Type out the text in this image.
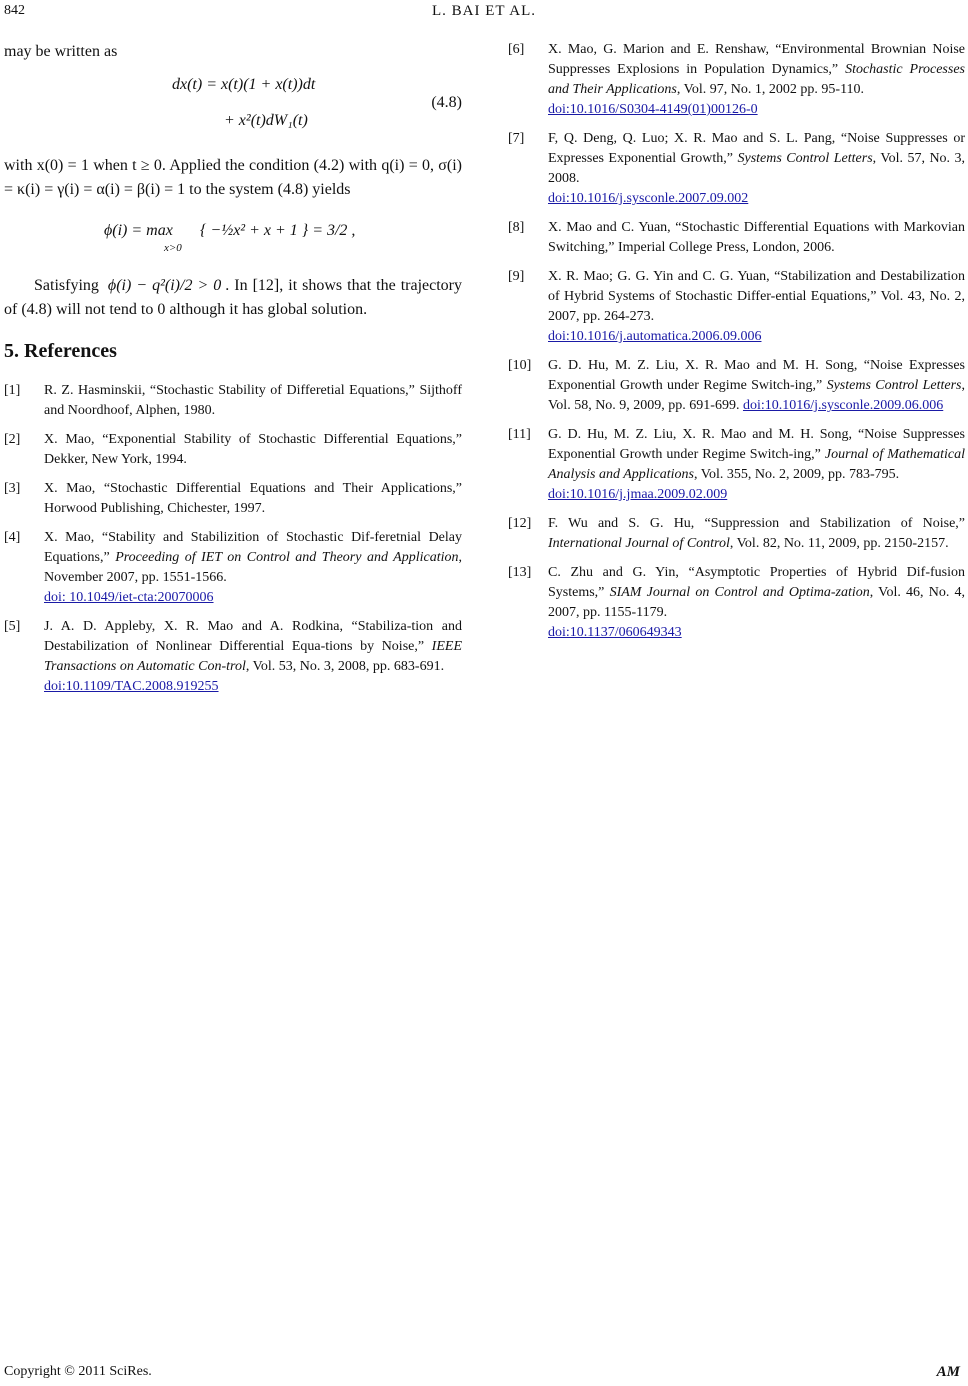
842	L. BAI ET AL.

may be written as

dx(t) = x(t)(1 + x(t))dt
+ x²(t)dW₁(t)
(4.8)

with x(0) = 1 when t ≥ 0. Applied the condition (4.2) with q(i) = 0, σ(i) = κ(i) = γ(i) = α(i) = β(i) = 1 to the system (4.8) yields

ϕ(i) = max
x>0
{ −½x² + x + 1 } = 3/2 ,

Satisfying ϕ(i) − q²(i)/2 > 0 . In [12], it shows that the trajectory of (4.8) will not tend to 0 although it has global solution.

5. References
[1] R. Z. Hasminskii, “Stochastic Stability of Differetial Equations,” Sijthoff and Noordhoof, Alphen, 1980.
[2] X. Mao, “Exponential Stability of Stochastic Differential Equations,” Dekker, New York, 1994.
[3] X. Mao, “Stochastic Differential Equations and Their Applications,” Horwood Publishing, Chichester, 1997.
[4] X. Mao, “Stability and Stabilizition of Stochastic Dif-feretnial Delay Equations,” Proceeding of IET on Control and Theory and Application, November 2007, pp. 1551-1566.
doi: 10.1049/iet-cta:20070006
[5] J. A. D. Appleby, X. R. Mao and A. Rodkina, “Stabiliza-tion and Destabilization of Nonlinear Differential Equa-tions by Noise,” IEEE Transactions on Automatic Con-trol, Vol. 53, No. 3, 2008, pp. 683-691.
doi:10.1109/TAC.2008.919255
[6] X. Mao, G. Marion and E. Renshaw, “Environmental Brownian Noise Suppresses Explosions in Population Dynamics,” Stochastic Processes and Their Applications, Vol. 97, No. 1, 2002 pp. 95-110.
doi:10.1016/S0304-4149(01)00126-0
[7] F, Q. Deng, Q. Luo; X. R. Mao and S. L. Pang, “Noise Suppresses or Expresses Exponential Growth,” Systems Control Letters, Vol. 57, No. 3, 2008.
doi:10.1016/j.sysconle.2007.09.002
[8] X. Mao and C. Yuan, “Stochastic Differential Equations with Markovian Switching,” Imperial College Press, London, 2006.
[9] X. R. Mao; G. G. Yin and C. G. Yuan, “Stabilization and Destabilization of Hybrid Systems of Stochastic Differ-ential Equations,” Vol. 43, No. 2, 2007, pp. 264-273.
doi:10.1016/j.automatica.2006.09.006
[10] G. D. Hu, M. Z. Liu, X. R. Mao and M. H. Song, “Noise Expresses Exponential Growth under Regime Switch-ing,” Systems Control Letters, Vol. 58, No. 9, 2009, pp. 691-699. doi:10.1016/j.sysconle.2009.06.006
[11] G. D. Hu, M. Z. Liu, X. R. Mao and M. H. Song, “Noise Suppresses Exponential Growth under Regime Switch-ing,” Journal of Mathematical Analysis and Applications, Vol. 355, No. 2, 2009, pp. 783-795.
doi:10.1016/j.jmaa.2009.02.009
[12] F. Wu and S. G. Hu, “Suppression and Stabilization of Noise,” International Journal of Control, Vol. 82, No. 11, 2009, pp. 2150-2157.
[13] C. Zhu and G. Yin, “Asymptotic Properties of Hybrid Dif-fusion Systems,” SIAM Journal on Control and Optima-zation, Vol. 46, No. 4, 2007, pp. 1155-1179.
doi:10.1137/060649343
Copyright © 2011 SciRes.	AM
